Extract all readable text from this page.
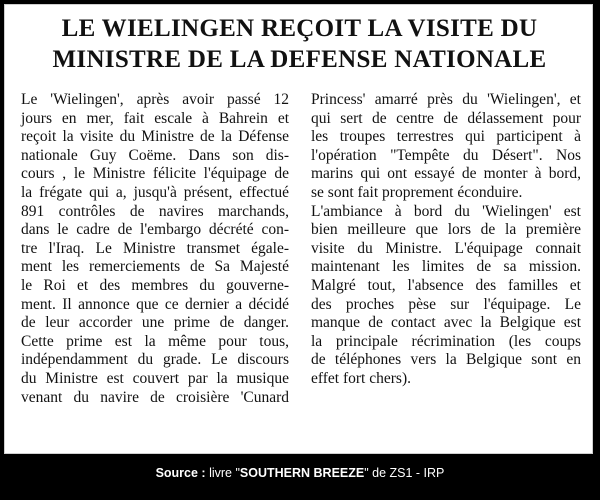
LE WIELINGEN REÇOIT LA VISITE DU
MINISTRE DE LA DEFENSE NATIONALE
Le 'Wielingen', après avoir passé 12
jours en mer, fait escale à Bahrein et
reçoit la visite du Ministre de la Défense
nationale Guy Coëme. Dans son dis-
cours , le Ministre félicite l'équipage de
la frégate qui a, jusqu'à présent, effectué
891 contrôles de navires marchands,
dans le cadre de l'embargo décrété con-
tre l'Iraq. Le Ministre transmet égale-
ment les remerciements de Sa Majesté
le Roi et des membres du gouverne-
ment. Il annonce que ce dernier a décidé
de leur accorder une prime de danger.
Cette prime est la même pour tous,
indépendamment du grade. Le discours
du Ministre est couvert par la musique
venant du navire de croisière 'Cunard
Princess' amarré près du 'Wielingen', et
qui sert de centre de délassement pour
les troupes terrestres qui participent à
l'opération "Tempête du Désert". Nos
marins qui ont essayé de monter à bord,
se sont fait proprement éconduire.
L'ambiance à bord du 'Wielingen' est
bien meilleure que lors de la première
visite du Ministre. L'équipage connait
maintenant les limites de sa mission.
Malgré tout, l'absence des familles et
des proches pèse sur l'équipage. Le
manque de contact avec la Belgique est
la principale récrimination (les coups
de téléphones vers la Belgique sont en
effet fort chers).
Source : livre "SOUTHERN BREEZE" de ZS1 - IRP
